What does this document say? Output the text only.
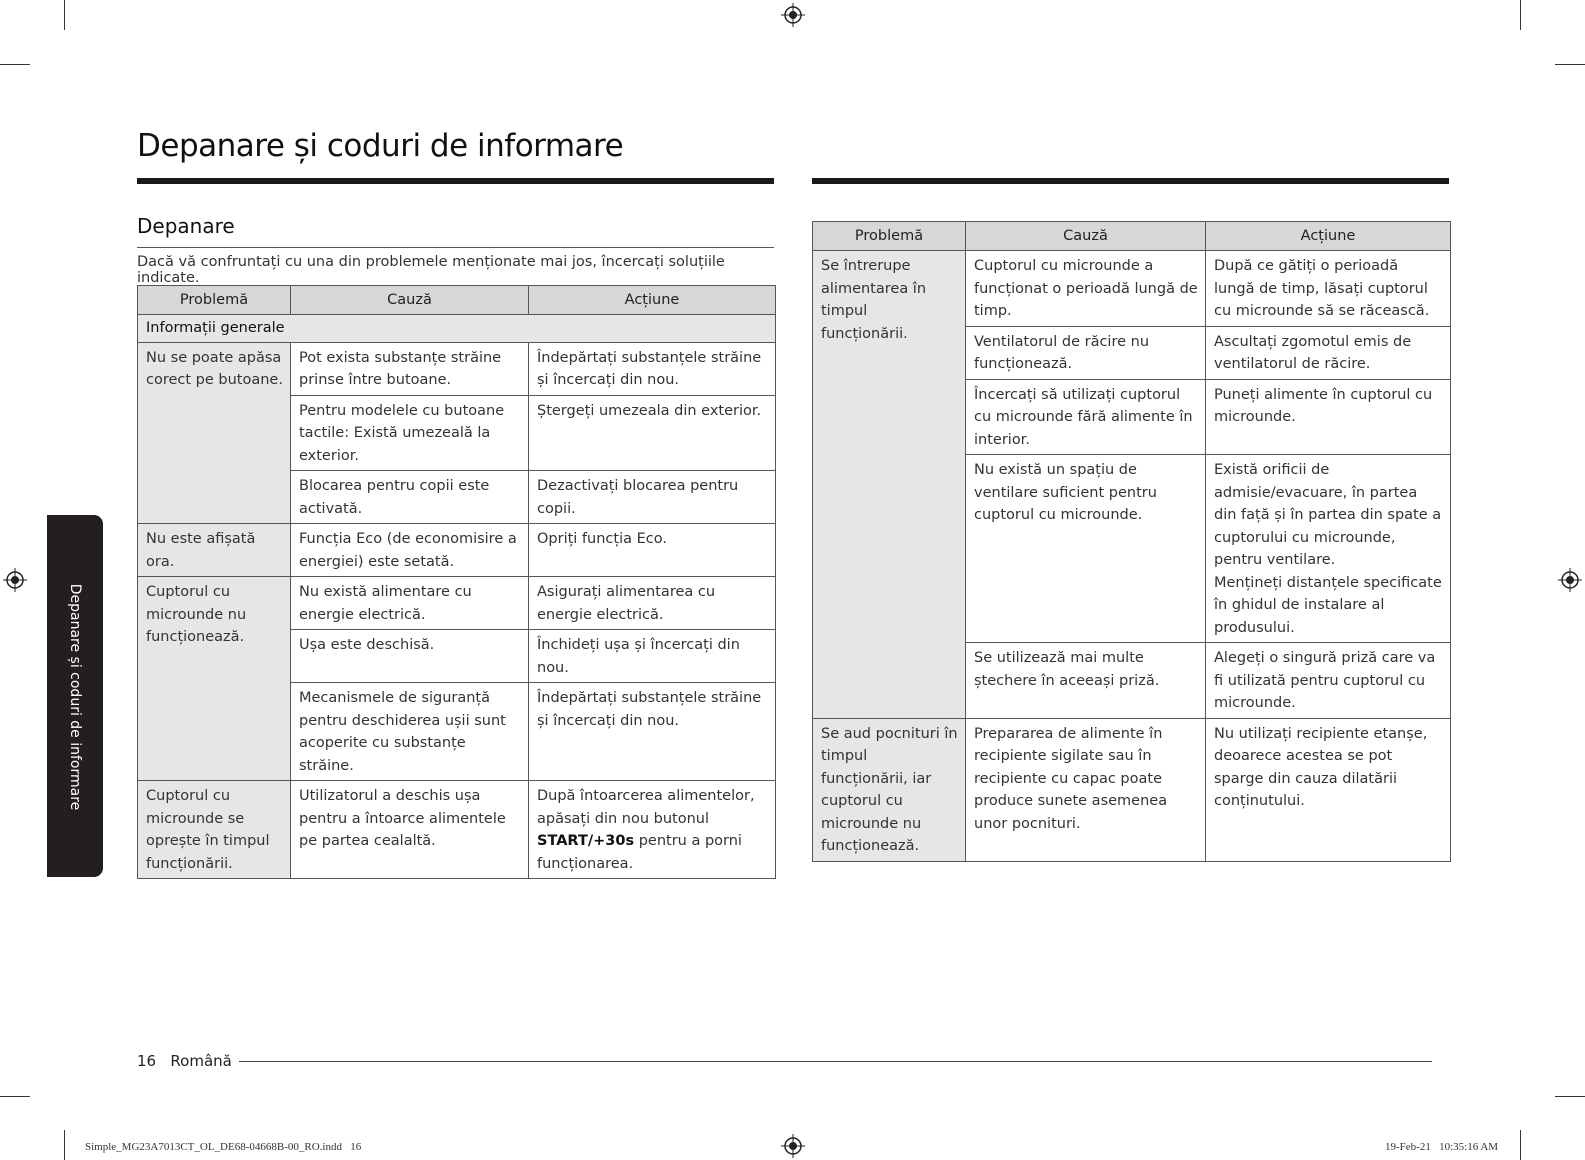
Depanare și coduri de informare
Depanare
Dacă vă confruntați cu una din problemele menționate mai jos, încercați soluțiile indicate.
Problemă	Cauză	Acțiune
Informații generale		
Nu se poate apăsa corect pe butoane.	Pot exista substanțe străine prinse între butoane.	Îndepărtați substanțele străine și încercați din nou.
	Pentru modelele cu butoane tactile: Există umezeală la exterior.	Ștergeți umezeala din exterior.
	Blocarea pentru copii este activată.	Dezactivați blocarea pentru copii.
Nu este afișată ora.	Funcția Eco (de economisire a energiei) este setată.	Opriți funcția Eco.
Cuptorul cu microunde nu funcționează.	Nu există alimentare cu energie electrică.	Asigurați alimentarea cu energie electrică.
	Ușa este deschisă.	Închideți ușa și încercați din nou.
	Mecanismele de siguranță pentru deschiderea ușii sunt acoperite cu substanțe străine.	Îndepărtați substanțele străine și încercați din nou.
Cuptorul cu microunde se oprește în timpul funcționării.	Utilizatorul a deschis ușa pentru a întoarce alimentele pe partea cealaltă.	După întoarcerea alimentelor, apăsați din nou butonul START/+30s pentru a porni funcționarea.
Problemă	Cauză	Acțiune
Se întrerupe alimentarea în timpul funcționării.	Cuptorul cu microunde a funcționat o perioadă lungă de timp.	După ce gătiți o perioadă lungă de timp, lăsați cuptorul cu microunde să se răcească.
	Ventilatorul de răcire nu funcționează.	Ascultați zgomotul emis de ventilatorul de răcire.
	Încercați să utilizați cuptorul cu microunde fără alimente în interior.	Puneți alimente în cuptorul cu microunde.
	Nu există un spațiu de ventilare suficient pentru cuptorul cu microunde.	Există orificii de admisie/evacuare, în partea din față și în partea din spate a cuptorului cu microunde, pentru ventilare.
Mențineți distanțele specificate în ghidul de instalare al produsului.

	Se utilizează mai multe ștechere în aceeași priză.	Alegeți o singură priză care va fi utilizată pentru cuptorul cu microunde.
Se aud pocnituri în timpul funcționării, iar cuptorul cu microunde nu funcționează.	Prepararea de alimente în recipiente sigilate sau în recipiente cu capac poate produce sunete asemenea unor pocnituri.	Nu utilizați recipiente etanșe, deoarece acestea se pot sparge din cauza dilatării conținutului.
Depanare și coduri de informare
16 Română
Simple_MG23A7013CT_OL_DE68-04668B-00_RO.indd   16	19-Feb-21   10:35:16 AM
